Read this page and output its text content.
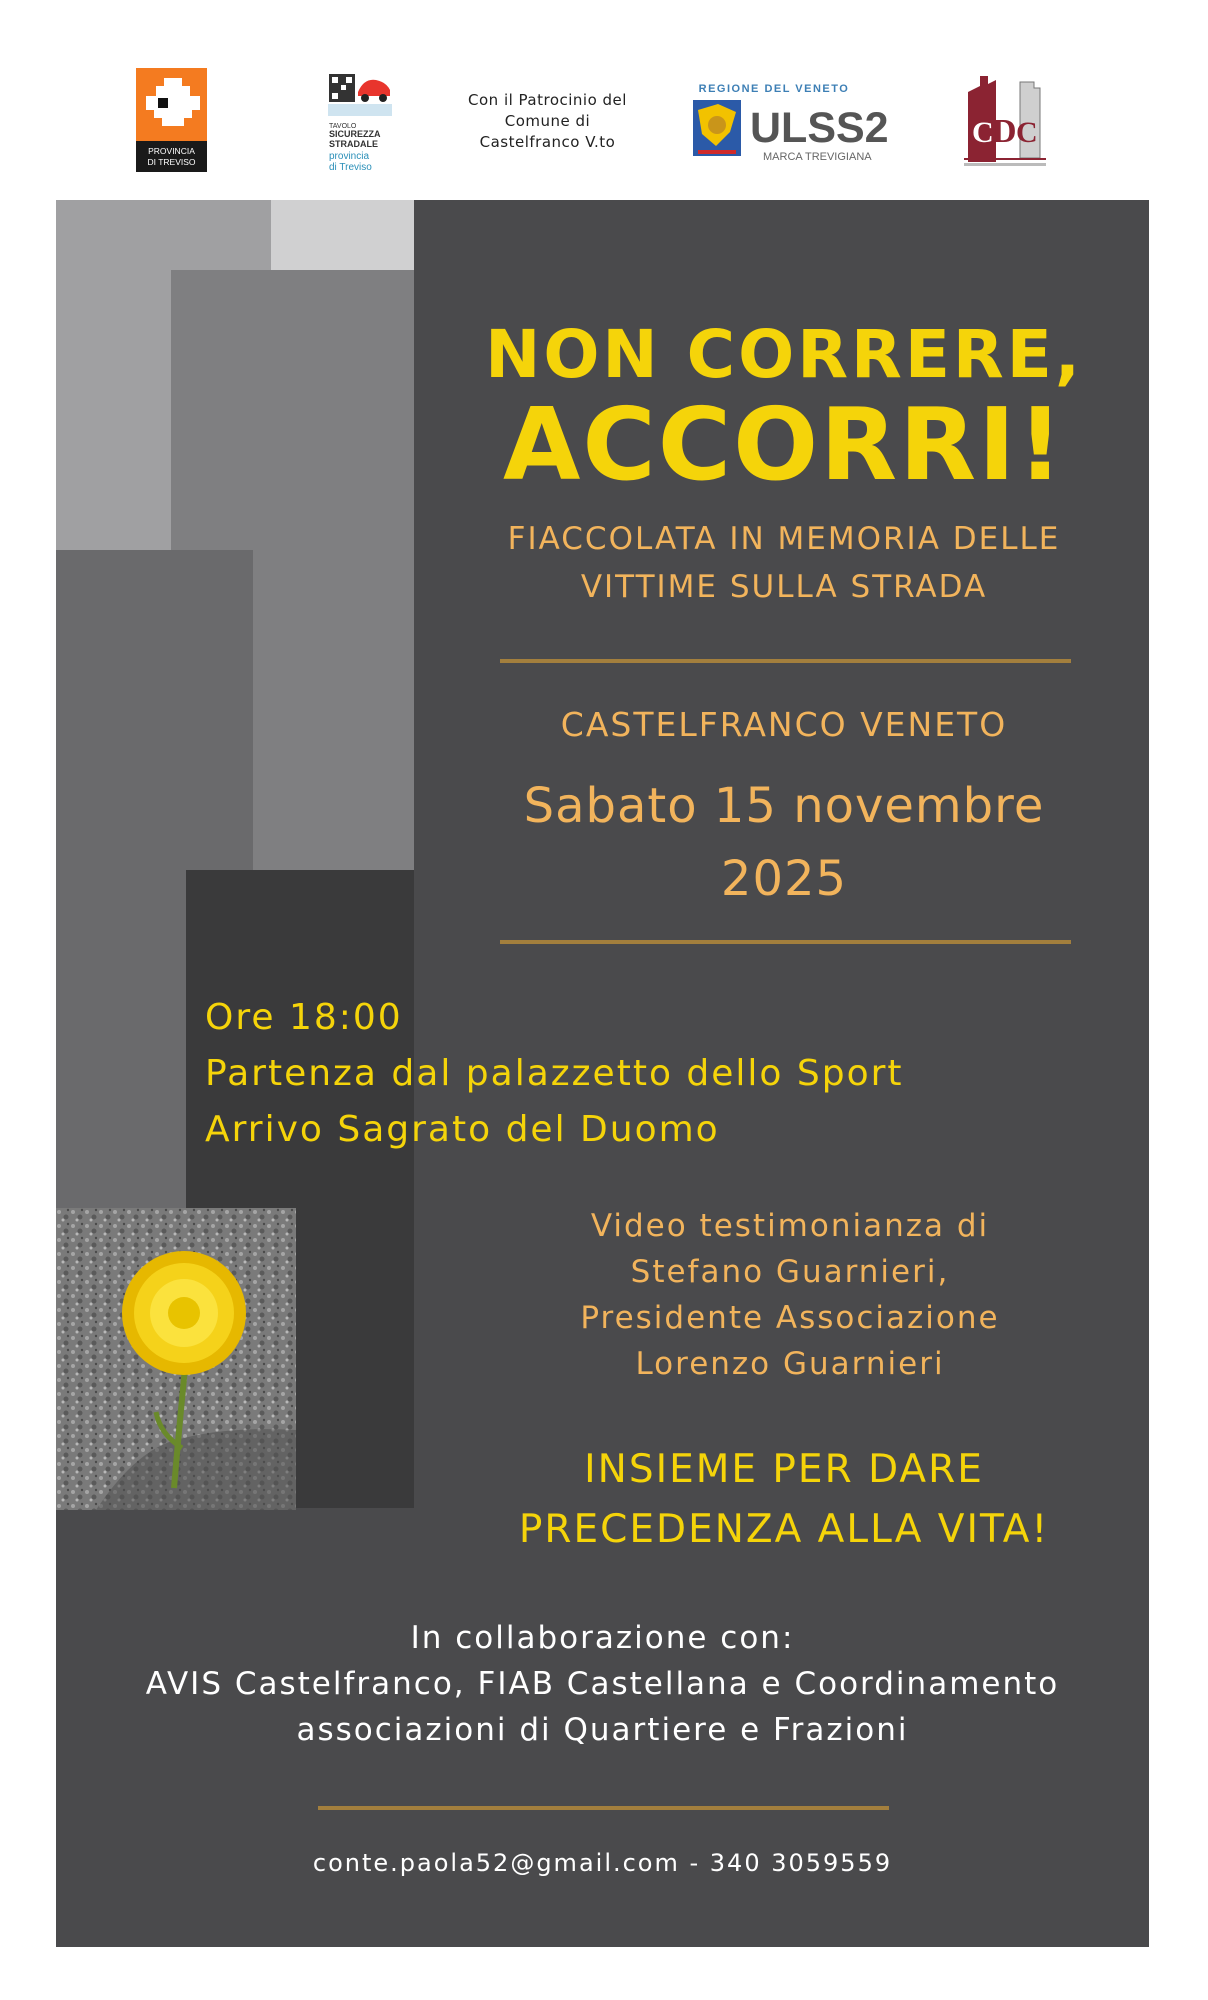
PROVINCIA
DI TREVISO
TAVOLO
SICUREZZA
STRADALE
provincia
di Treviso
Con il Patrocinio del Comune di Castelfranco V.to
REGIONE DEL VENETO
ULSS2
MARCA TREVIGIANA
C
D C
NON CORRERE,
ACCORRI!
FIACCOLATA IN MEMORIA DELLE VITTIME SULLA STRADA
CASTELFRANCO VENETO
Sabato 15 novembre 2025
Ore 18:00
Partenza dal palazzetto dello Sport
Arrivo Sagrato del Duomo
Video testimonianza di
Stefano Guarnieri,
Presidente Associazione
Lorenzo Guarnieri
INSIEME PER DARE PRECEDENZA ALLA VITA!
In collaborazione con:
AVIS Castelfranco, FIAB Castellana e Coordinamento associazioni di Quartiere e Frazioni
conte.paola52@gmail.com - 340 3059559
